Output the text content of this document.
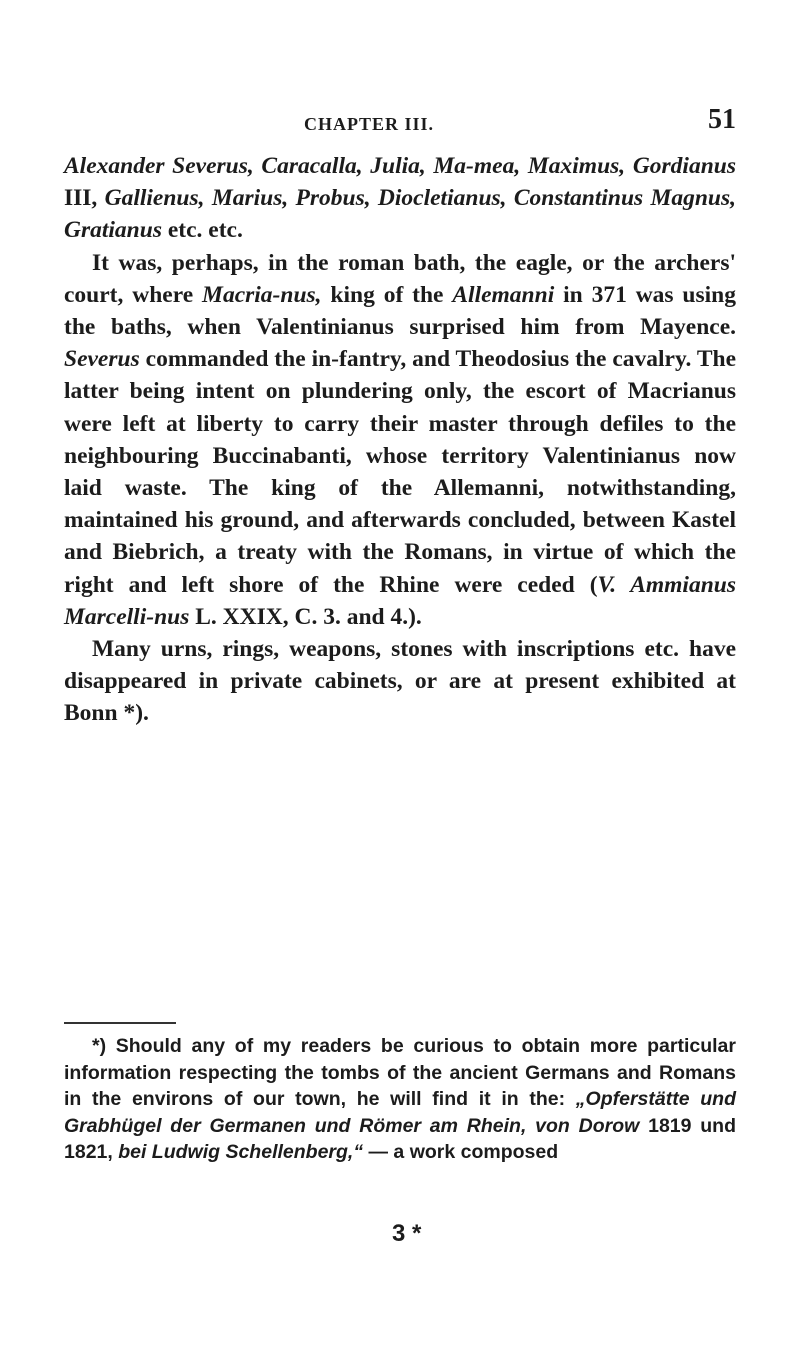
CHAPTER III.	51

Alexander Severus, Caracalla, Julia, Ma-mea, Maximus, Gordianus III, Gallienus, Marius, Probus, Diocletianus, Constantinus Magnus, Gratianus etc. etc.

It was, perhaps, in the roman bath, the eagle, or the archers' court, where Macria-nus, king of the Allemanni in 371 was using the baths, when Valentinianus surprised him from Mayence. Severus commanded the in-fantry, and Theodosius the cavalry. The latter being intent on plundering only, the escort of Macrianus were left at liberty to carry their master through defiles to the neighbouring Buccinabanti, whose territory Valentinianus now laid waste. The king of the Allemanni, notwithstanding, maintained his ground, and afterwards concluded, between Kastel and Biebrich, a treaty with the Romans, in virtue of which the right and left shore of the Rhine were ceded (V. Ammianus Marcelli-nus L. XXIX, C. 3. and 4.).

Many urns, rings, weapons, stones with inscriptions etc. have disappeared in private cabinets, or are at present exhibited at Bonn *).

*) Should any of my readers be curious to obtain more particular information respecting the tombs of the ancient Germans and Romans in the environs of our town, he will find it in the: „Opferstätte und Grabhügel der Germanen und Römer am Rhein, von Dorow 1819 und 1821, bei Ludwig Schellenberg,“ — a work composed

3 *
